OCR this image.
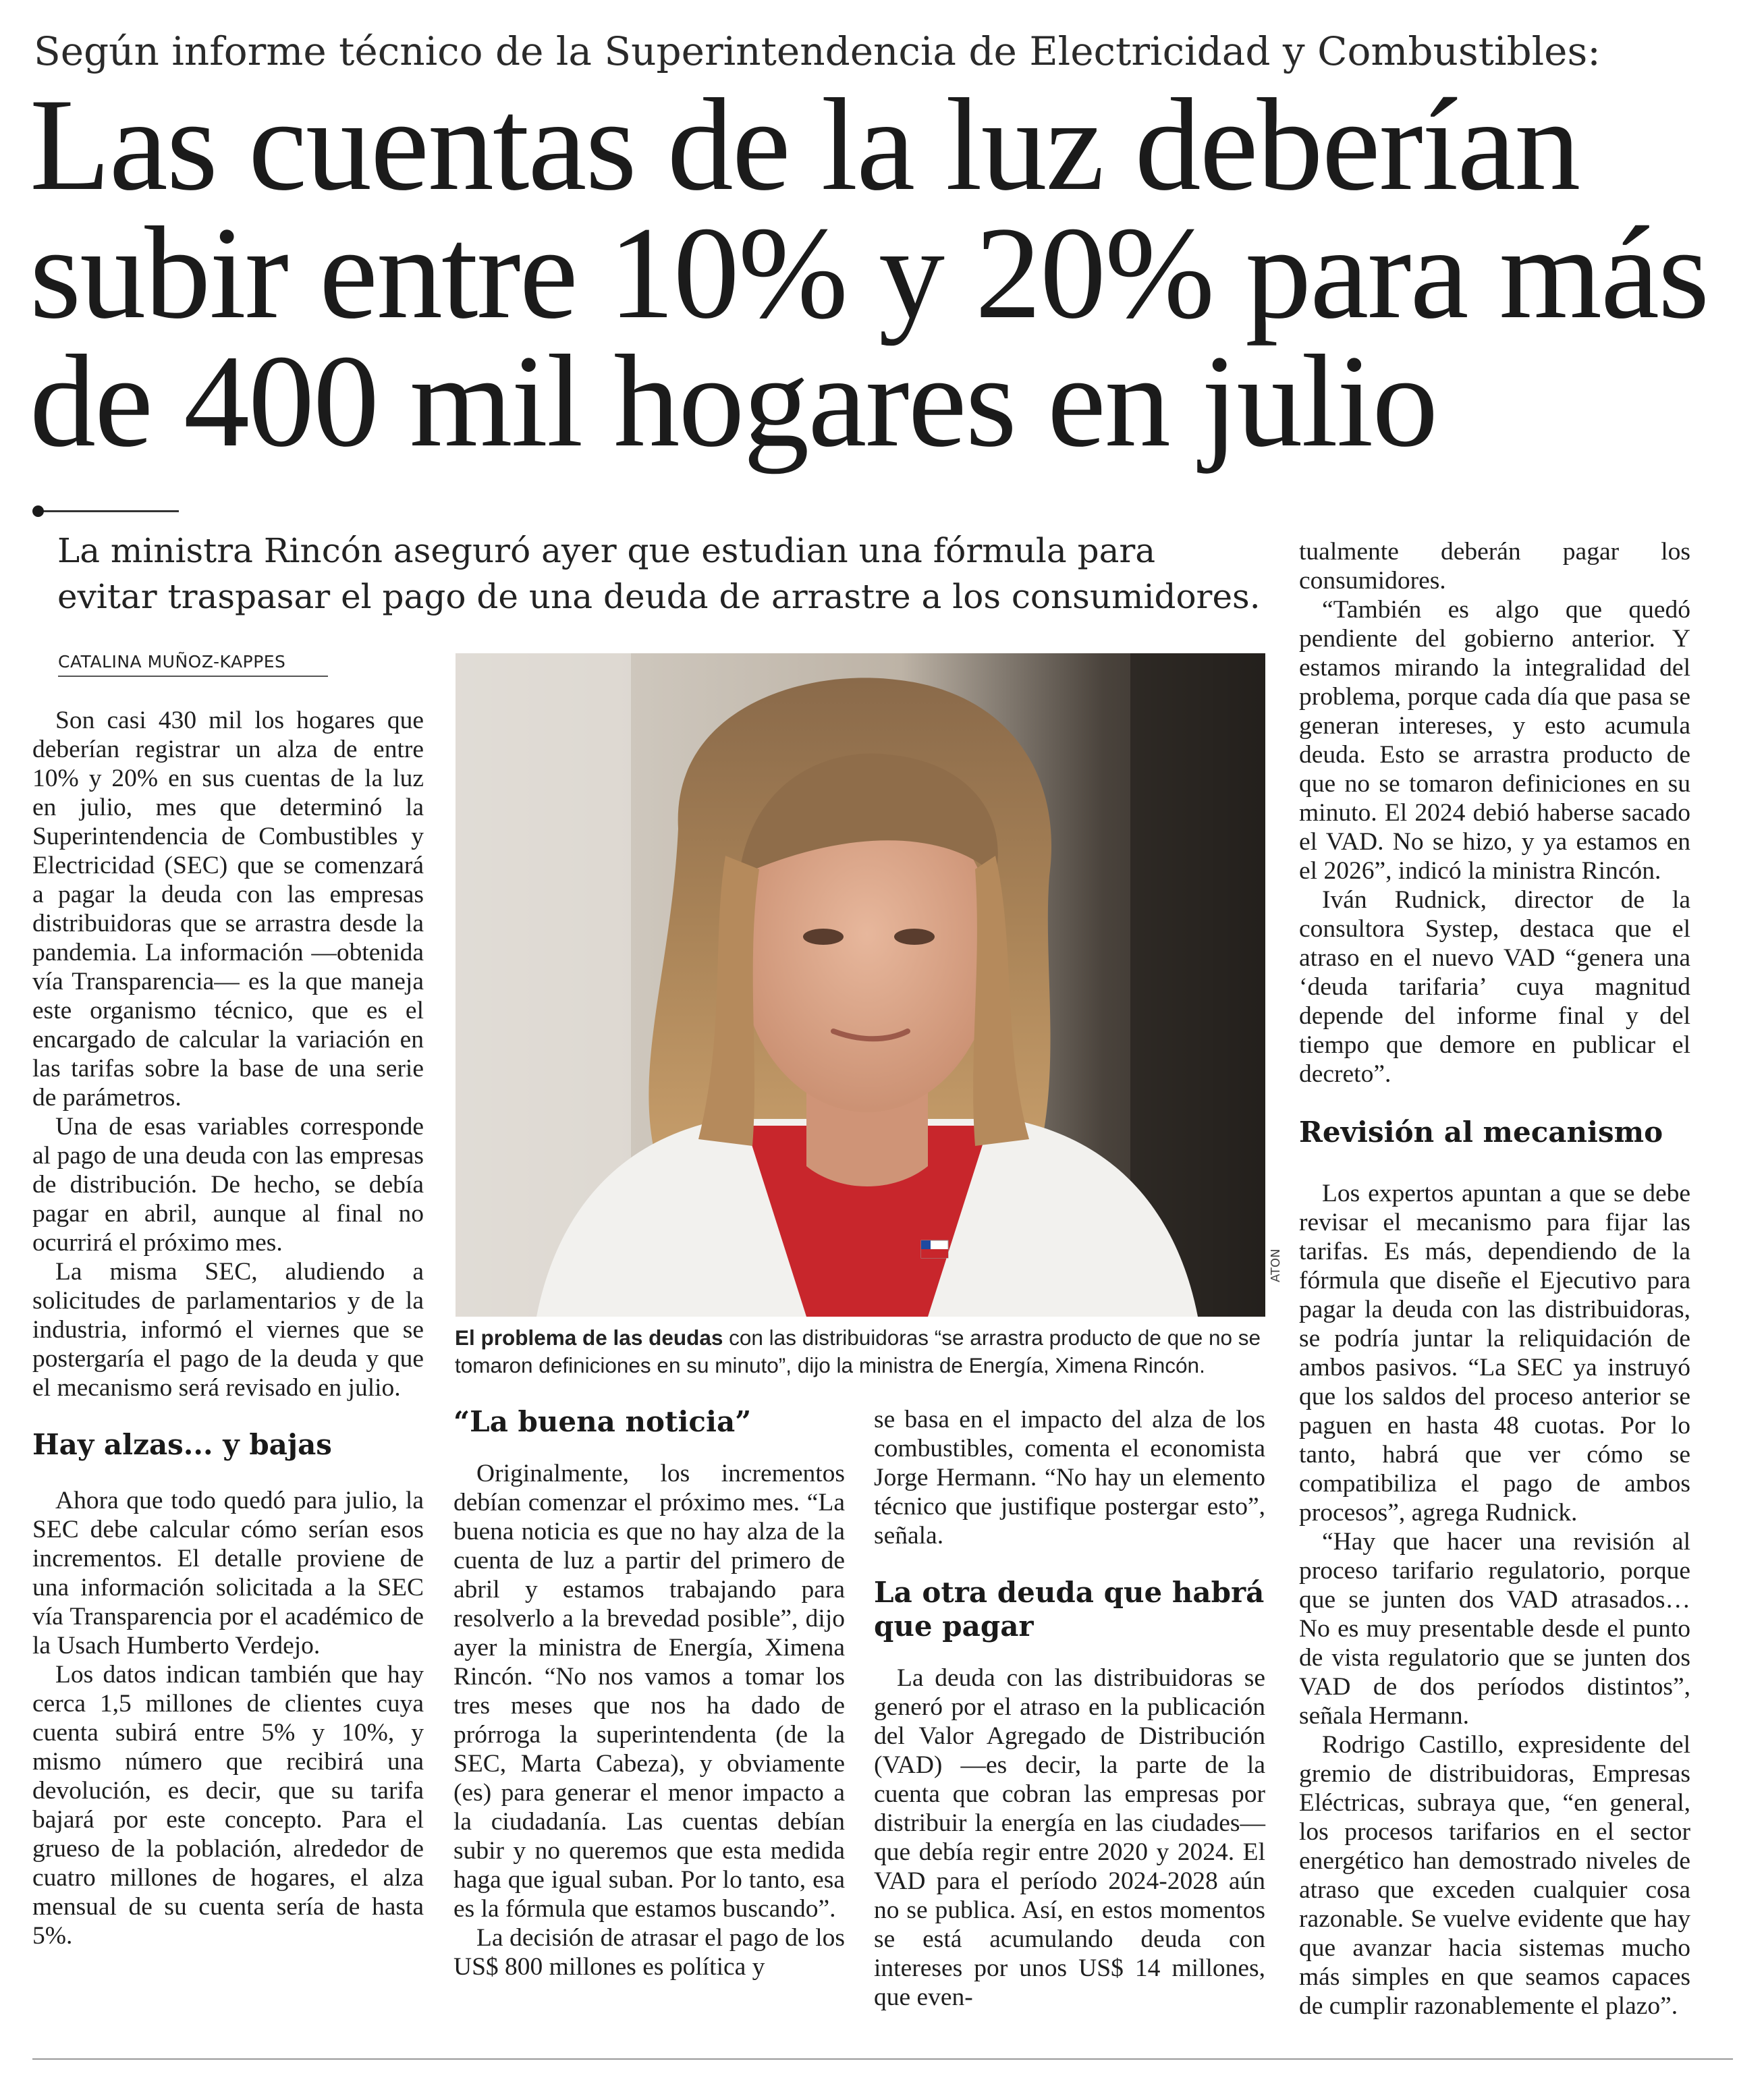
Según informe técnico de la Superintendencia de Electricidad y Combustibles:
Las cuentas de la luz deberían
subir entre 10% y 20% para más
de 400 mil hogares en julio
La ministra Rincón aseguró ayer que estudian una fórmula para
evitar traspasar el pago de una deuda de arrastre a los consumidores.
CATALINA MUÑOZ-KAPPES

Son casi 430 mil los hogares que deberían registrar un alza de entre 10% y 20% en sus cuentas de la luz en julio, mes que determinó la Superintendencia de Combustibles y Electricidad (SEC) que se comenzará a pagar la deuda con las empresas distribuidoras que se arrastra desde la pandemia. La información —obtenida vía Transparencia— es la que maneja este organismo técnico, que es el encargado de calcular la variación en las tarifas sobre la base de una serie de parámetros.

Una de esas variables corresponde al pago de una deuda con las empresas de distribución. De hecho, se debía pagar en abril, aunque al final no ocurrirá el próximo mes.

La misma SEC, aludiendo a solicitudes de parlamentarios y de la industria, informó el viernes que se postergaría el pago de la deuda y que el mecanismo será revisado en julio.

Hay alzas... y bajas

Ahora que todo quedó para julio, la SEC debe calcular cómo serían esos incrementos. El detalle proviene de una información solicitada a la SEC vía Transparencia por el académico de la Usach Humberto Verdejo.

Los datos indican también que hay cerca 1,5 millones de clientes cuya cuenta subirá entre 5% y 10%, y mismo número que recibirá una devolución, es decir, que su tarifa bajará por este concepto. Para el grueso de la población, alrededor de cuatro millones de hogares, el alza mensual de su cuenta sería de hasta 5%.

ATON
El problema de las deudas con las distribuidoras “se arrastra producto de que no se tomaron definiciones en su minuto”, dijo la ministra de Energía, Ximena Rincón.
“La buena noticia”

Originalmente, los incrementos debían comenzar el próximo mes. “La buena noticia es que no hay alza de la cuenta de luz a partir del primero de abril y estamos trabajando para resolverlo a la brevedad posible”, dijo ayer la ministra de Energía, Ximena Rincón. “No nos vamos a tomar los tres meses que nos ha dado de prórroga la superintendenta (de la SEC, Marta Cabeza), y obviamente (es) para generar el menor impacto a la ciudadanía. Las cuentas debían subir y no queremos que esta medida haga que igual suban. Por lo tanto, esa es la fórmula que estamos buscando”.

La decisión de atrasar el pago de los US$ 800 millones es política y

se basa en el impacto del alza de los combustibles, comenta el economista Jorge Hermann. “No hay un elemento técnico que justifique postergar esto”, señala.

La otra deuda que habrá que pagar

La deuda con las distribuidoras se generó por el atraso en la publicación del Valor Agregado de Distribución (VAD) —es decir, la parte de la cuenta que cobran las empresas por distribuir la energía en las ciudades— que debía regir entre 2020 y 2024. El VAD para el período 2024-2028 aún no se publica. Así, en estos momentos se está acumulando deuda con intereses por unos US$ 14 millones, que even-

tualmente deberán pagar los consumidores.

“También es algo que quedó pendiente del gobierno anterior. Y estamos mirando la integralidad del problema, porque cada día que pasa se generan intereses, y esto acumula deuda. Esto se arrastra producto de que no se tomaron definiciones en su minuto. El 2024 debió haberse sacado el VAD. No se hizo, y ya estamos en el 2026”, indicó la ministra Rincón.

Iván Rudnick, director de la consultora Systep, destaca que el atraso en el nuevo VAD “genera una ‘deuda tarifaria’ cuya magnitud depende del informe final y del tiempo que demore en publicar el decreto”.

Revisión al mecanismo

Los expertos apuntan a que se debe revisar el mecanismo para fijar las tarifas. Es más, dependiendo de la fórmula que diseñe el Ejecutivo para pagar la deuda con las distribuidoras, se podría juntar la reliquidación de ambos pasivos. “La SEC ya instruyó que los saldos del proceso anterior se paguen en hasta 48 cuotas. Por lo tanto, habrá que ver cómo se compatibiliza el pago de ambos procesos”, agrega Rudnick.

“Hay que hacer una revisión al proceso tarifario regulatorio, porque que se junten dos VAD atrasados… No es muy presentable desde el punto de vista regulatorio que se junten dos VAD de dos períodos distintos”, señala Hermann.

Rodrigo Castillo, expresidente del gremio de distribuidoras, Empresas Eléctricas, subraya que, “en general, los procesos tarifarios en el sector energético han demostrado niveles de atraso que exceden cualquier cosa razonable. Se vuelve evidente que hay que avanzar hacia sistemas mucho más simples en que seamos capaces de cumplir razonablemente el plazo”.
